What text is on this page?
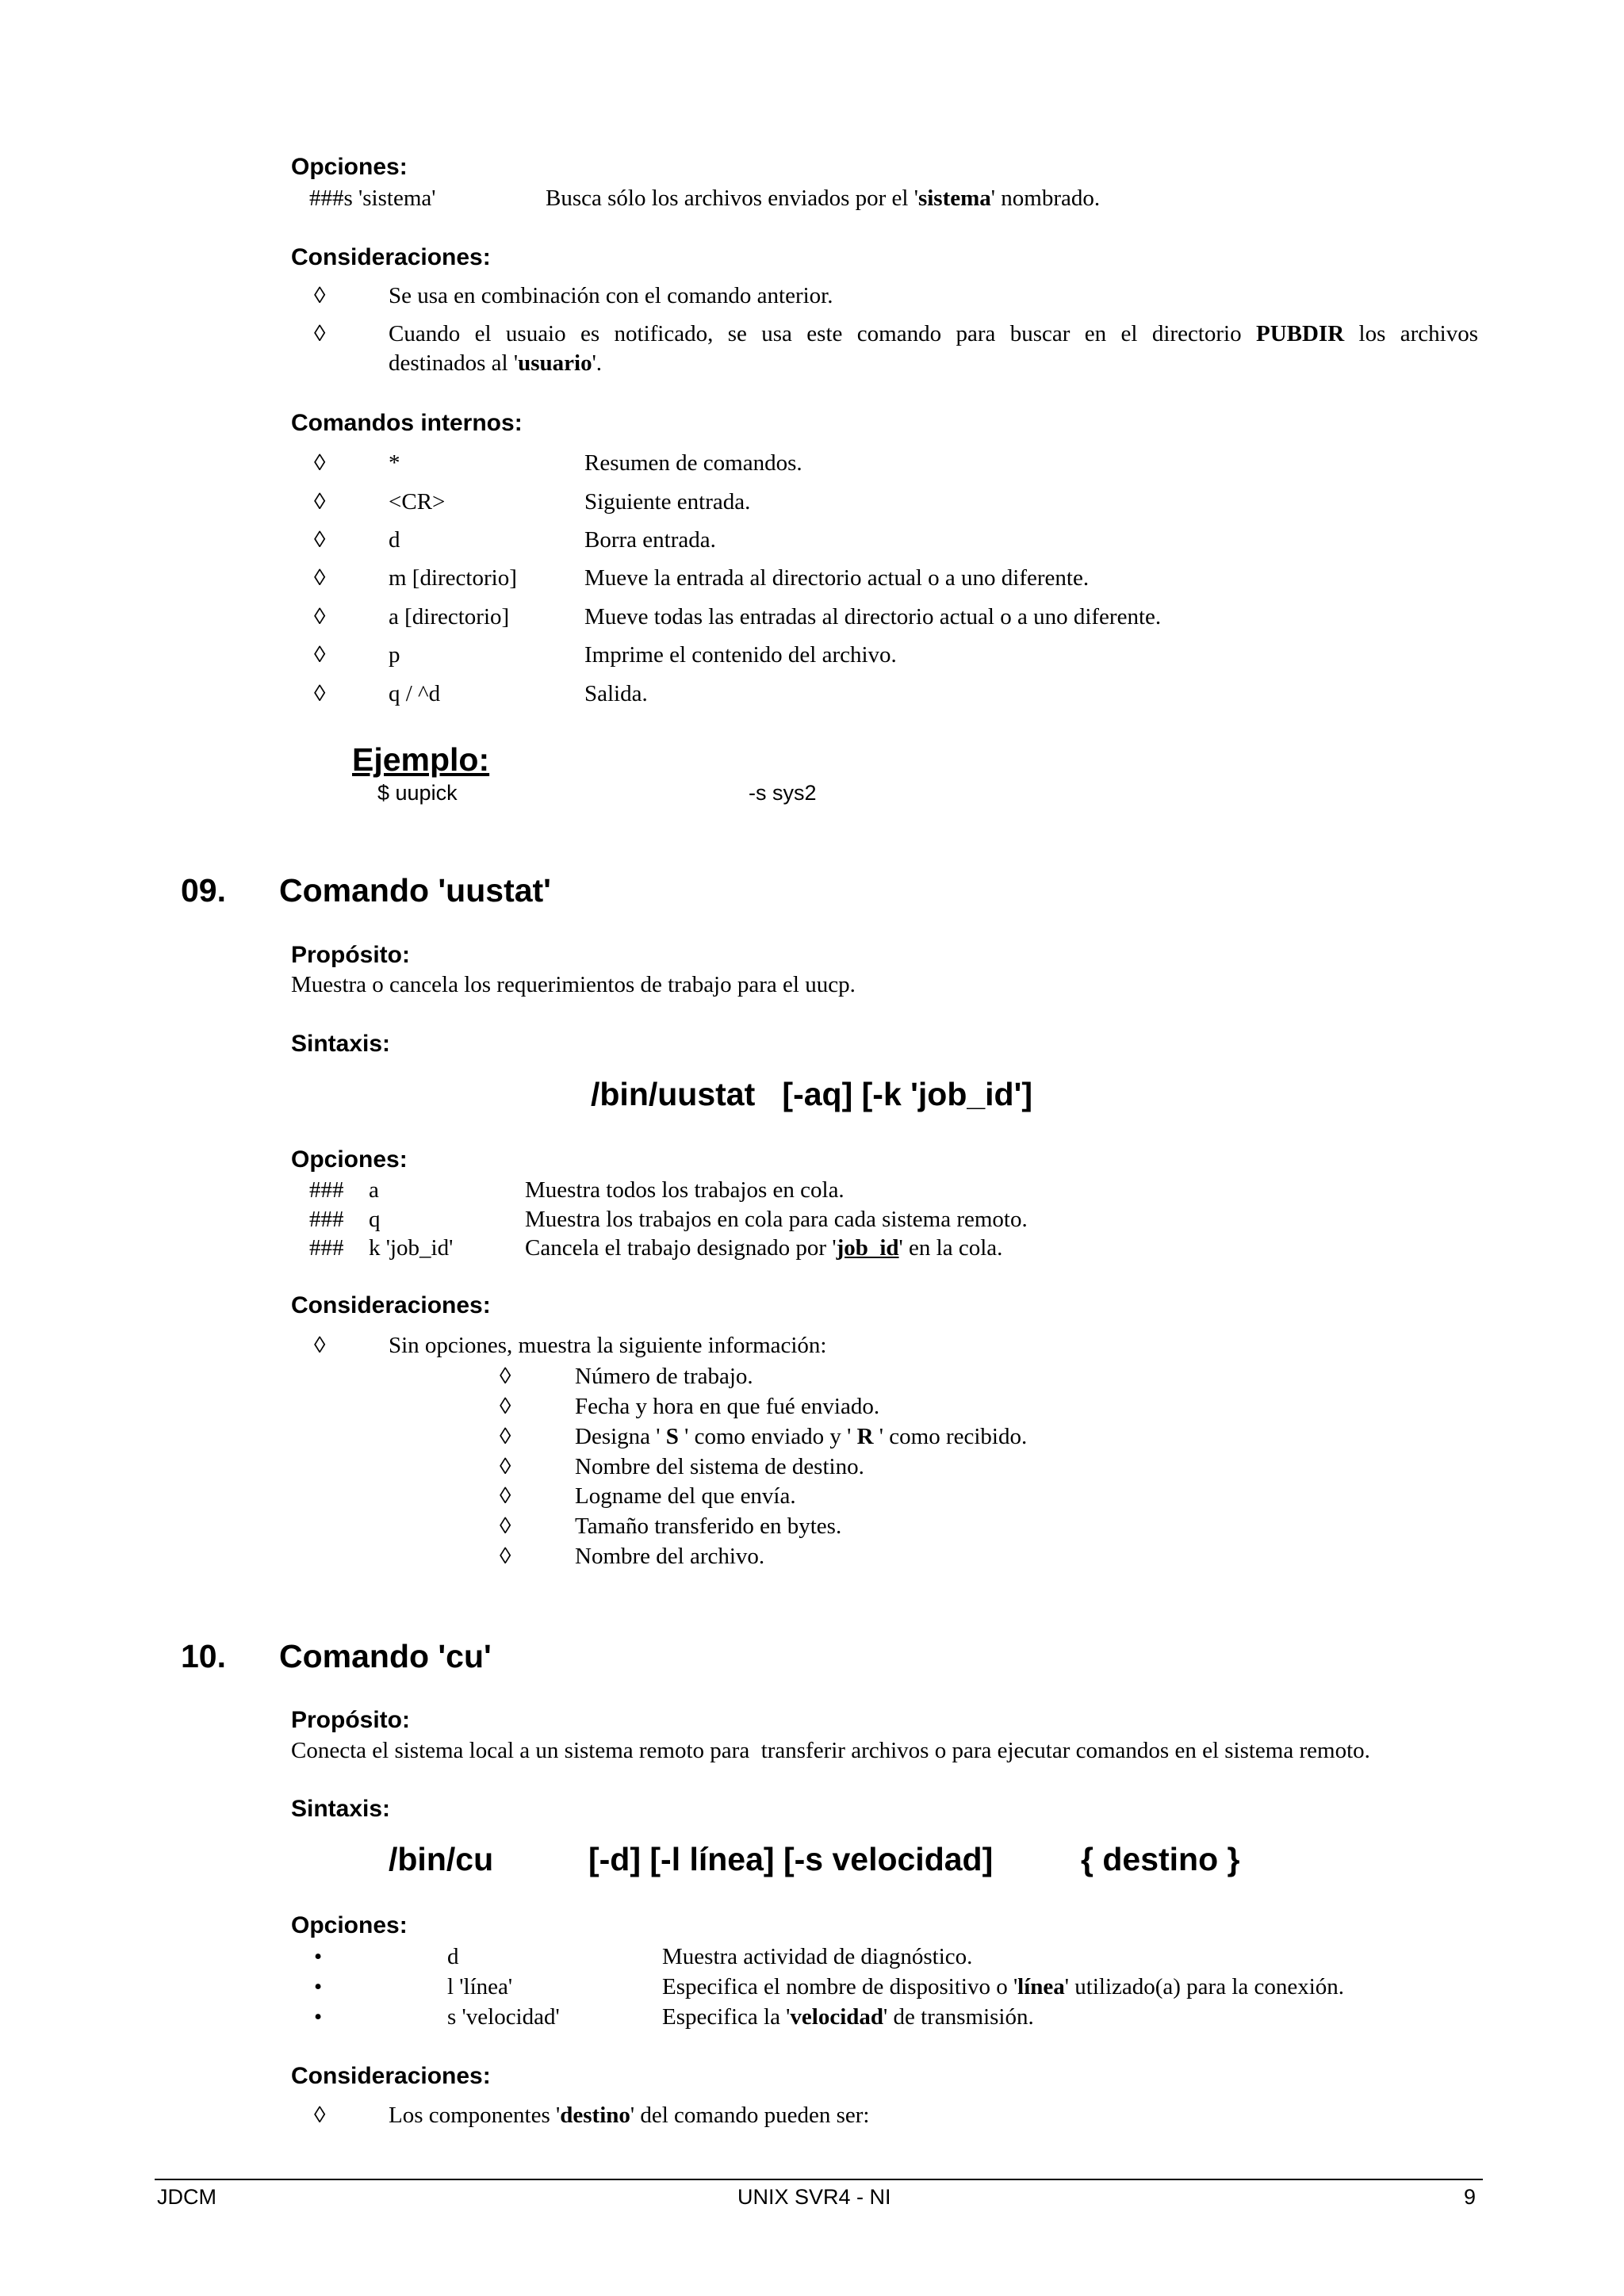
Opciones:
###s 'sistema'	Busca sólo los archivos enviados por el 'sistema' nombrado.
Consideraciones:
◊	Se usa en combinación con el comando anterior.
◊	Cuando el usuaio es notificado, se usa este comando para buscar en el directorio PUBDIR los archivos
destinados al 'usuario'.
Comandos internos:
◊	*	Resumen de comandos.
◊	<CR>	Siguiente entrada.
◊	d	Borra entrada.
◊	m [directorio]	Mueve la entrada al directorio actual o a uno diferente.
◊	a [directorio]	Mueve todas las entradas al directorio actual o a uno diferente.
◊	p	Imprime el contenido del archivo.
◊	q / ^d	Salida.
Ejemplo:
$ uupick	-s sys2
09. Comando 'uustat'
Propósito:
Muestra o cancela los requerimientos de trabajo para el uucp.
Sintaxis:
/bin/uustat   [-aq] [-k 'job_id']
Opciones:
### a	Muestra todos los trabajos en cola.
### q	Muestra los trabajos en cola para cada sistema remoto.
### k 'job_id'	Cancela el trabajo designado por 'job_id' en la cola.
Consideraciones:
◊	Sin opciones, muestra la siguiente información:
◊	Número de trabajo.
◊	Fecha y hora en que fué enviado.
◊	Designa ' S ' como enviado y ' R ' como recibido.
◊	Nombre del sistema de destino.
◊	Logname del que envía.
◊	Tamaño transferido en bytes.
◊	Nombre del archivo.
10. Comando 'cu'
Propósito:
Conecta el sistema local a un sistema remoto para  transferir archivos o para ejecutar comandos en el sistema remoto.
Sintaxis:
/bin/cu	[-d] [-l línea] [-s velocidad]	{ destino }
Opciones:
•	d	Muestra actividad de diagnóstico.
•	l 'línea'	Especifica el nombre de dispositivo o 'línea' utilizado(a) para la conexión.
•	s 'velocidad'	Especifica la 'velocidad' de transmisión.
Consideraciones:
◊	Los componentes 'destino' del comando pueden ser:
JDCM	UNIX SVR4 - NI	9
